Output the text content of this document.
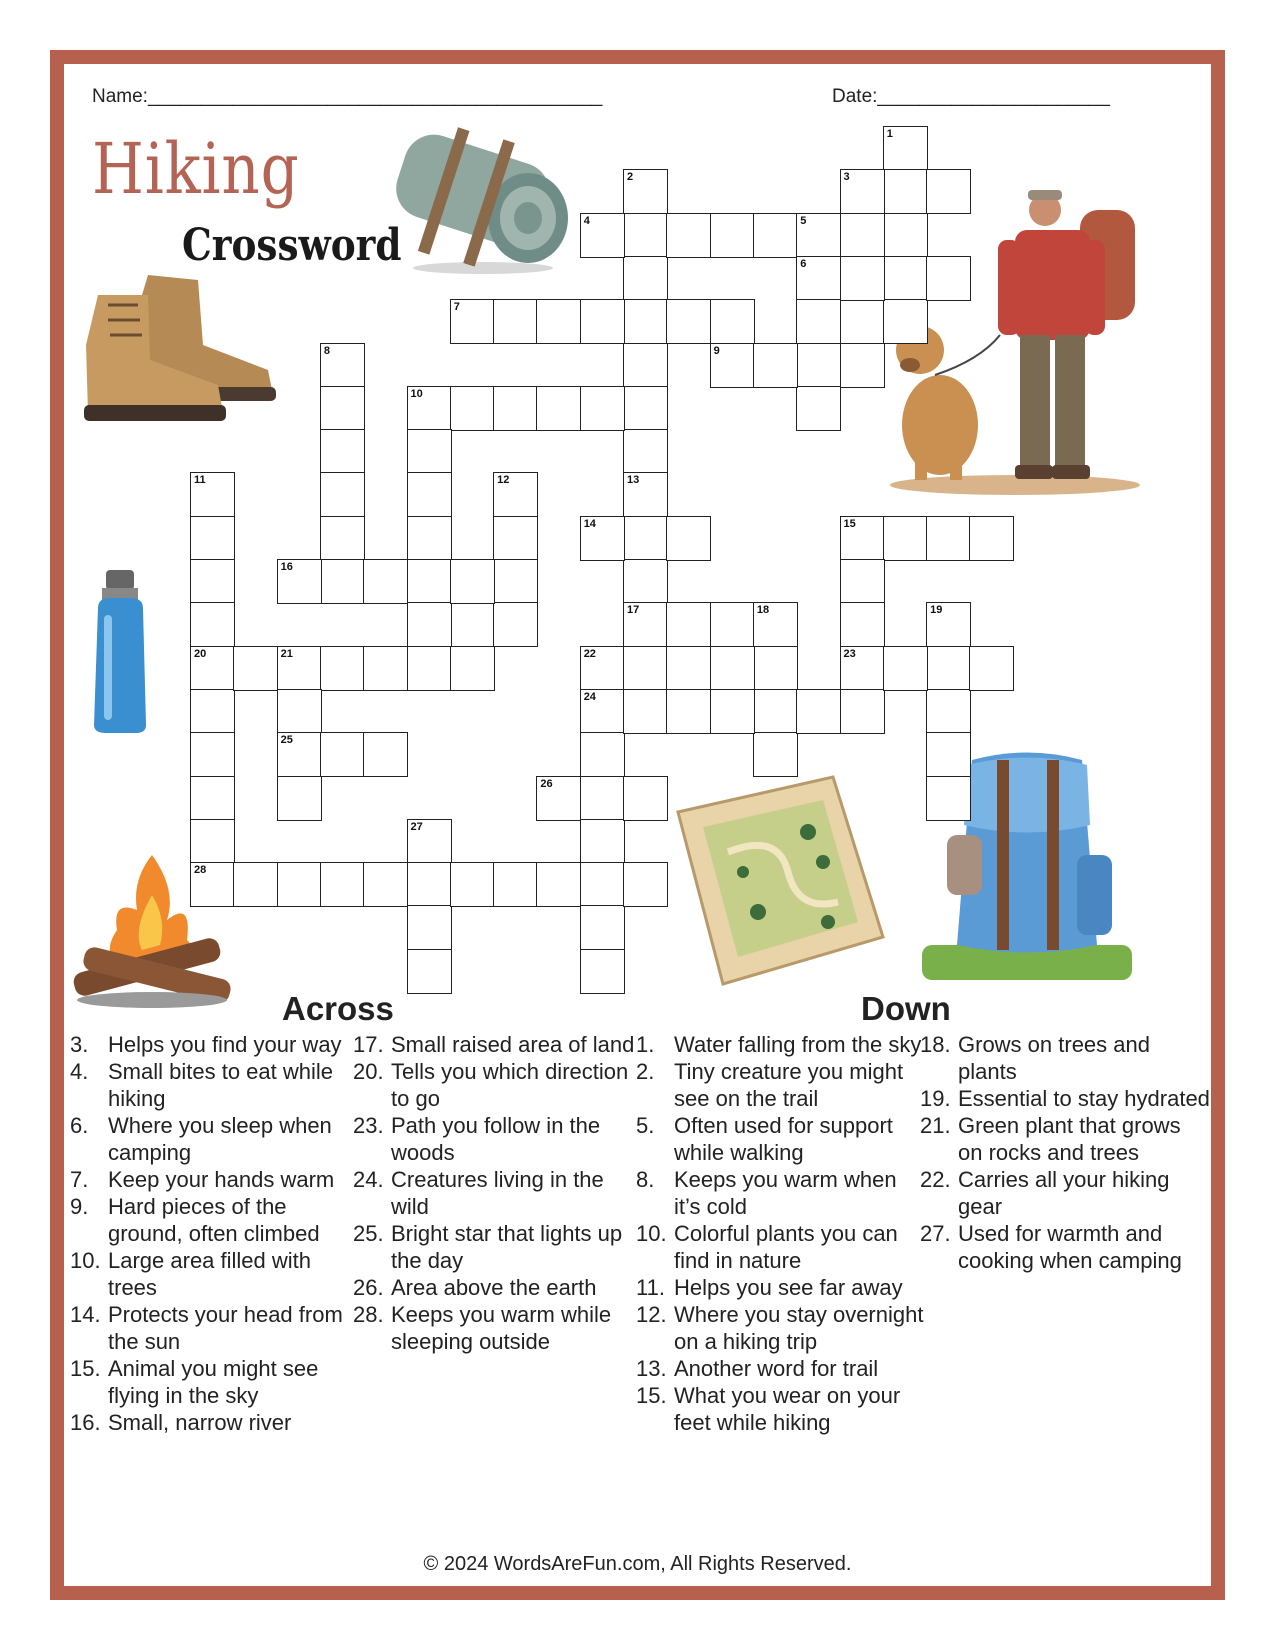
Name:___________________________________________	Date:______________________
Hiking
Crossword
1
2	3
4	5
6
7
8	9
10
11
20
28
12	13
17
14	15
23
16
18	19
21
25
22
24
26
27
Across	Down
3. Helps you find your way
4. Small bites to eat while hiking
6. Where you sleep when camping
7. Keep your hands warm
9. Hard pieces of the ground, often climbed
10. Large area filled with trees
14. Protects your head from the sun
15. Animal you might see flying in the sky
16. Small, narrow river
17. Small raised area of land
20. Tells you which direction to go
23. Path you follow in the woods
24. Creatures living in the wild
25. Bright star that lights up the day
26. Area above the earth
28. Keeps you warm while sleeping outside
1. Water falling from the sky
2. Tiny creature you might see on the trail
5. Often used for support while walking
8. Keeps you warm when it’s cold
10. Colorful plants you can find in nature
11. Helps you see far away
12. Where you stay overnight on a hiking trip
13. Another word for trail
15. What you wear on your feet while hiking
18. Grows on trees and plants
19. Essential to stay hydrated
21. Green plant that grows on rocks and trees
22. Carries all your hiking gear
27. Used for warmth and cooking when camping
© 2024 WordsAreFun.com, All Rights Reserved.
